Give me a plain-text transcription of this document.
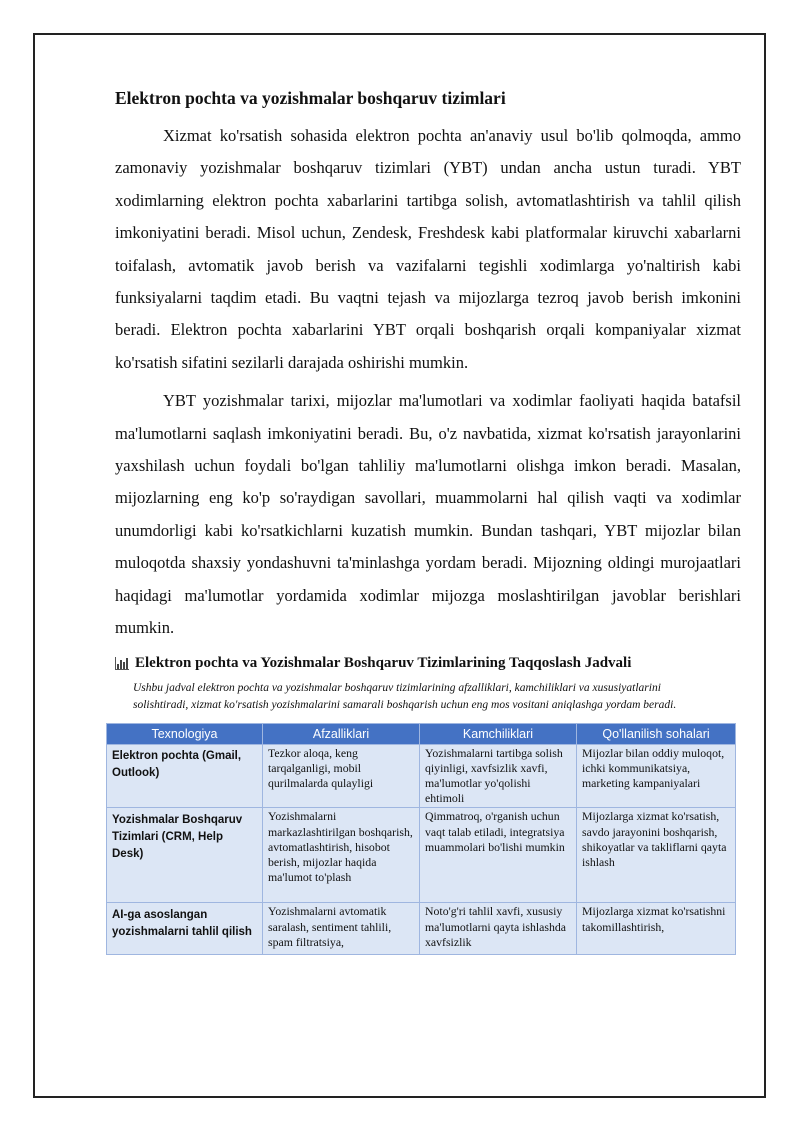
Elektron pochta va yozishmalar boshqaruv tizimlari

Xizmat ko'rsatish sohasida elektron pochta an'anaviy usul bo'lib qolmoqda, ammo zamonaviy yozishmalar boshqaruv tizimlari (YBT) undan ancha ustun turadi. YBT xodimlarning elektron pochta xabarlarini tartibga solish, avtomatlashtirish va tahlil qilish imkoniyatini beradi. Misol uchun, Zendesk, Freshdesk kabi platformalar kiruvchi xabarlarni toifalash, avtomatik javob berish va vazifalarni tegishli xodimlarga yo'naltirish kabi funksiyalarni taqdim etadi. Bu vaqtni tejash va mijozlarga tezroq javob berish imkonini beradi. Elektron pochta xabarlarini YBT orqali boshqarish orqali kompaniyalar xizmat ko'rsatish sifatini sezilarli darajada oshirishi mumkin.

YBT yozishmalar tarixi, mijozlar ma'lumotlari va xodimlar faoliyati haqida batafsil ma'lumotlarni saqlash imkoniyatini beradi. Bu, o'z navbatida, xizmat ko'rsatish jarayonlarini yaxshilash uchun foydali bo'lgan tahliliy ma'lumotlarni olishga imkon beradi. Masalan, mijozlarning eng ko'p so'raydigan savollari, muammolarni hal qilish vaqti va xodimlar unumdorligi kabi ko'rsatkichlarni kuzatish mumkin. Bundan tashqari, YBT mijozlar bilan muloqotda shaxsiy yondashuvni ta'minlashga yordam beradi. Mijozning oldingi murojaatlari haqidagi ma'lumotlar yordamida xodimlar mijozga moslashtirilgan javoblar berishlari mumkin.

Elektron pochta va Yozishmalar Boshqaruv Tizimlarining Taqqoslash Jadvali
Ushbu jadval elektron pochta va yozishmalar boshqaruv tizimlarining afzalliklari, kamchiliklari va xususiyatlarini solishtiradi, xizmat ko'rsatish yozishmalarini samarali boshqarish uchun eng mos vositani aniqlashga yordam beradi.
Texnologiya	Afzalliklari	Kamchiliklari	Qo'llanilish sohalari
Elektron pochta (Gmail, Outlook)	Tezkor aloqa, keng tarqalganligi, mobil qurilmalarda qulayligi	Yozishmalarni tartibga solish qiyinligi, xavfsizlik xavfi, ma'lumotlar yo'qolishi ehtimoli	Mijozlar bilan oddiy muloqot, ichki kommunikatsiya, marketing kampaniyalari
Yozishmalar Boshqaruv Tizimlari (CRM, Help Desk)	Yozishmalarni markazlashtirilgan boshqarish, avtomatlashtirish, hisobot berish, mijozlar haqida ma'lumot to'plash	Qimmatroq, o'rganish uchun vaqt talab etiladi, integratsiya muammolari bo'lishi mumkin	Mijozlarga xizmat ko'rsatish, savdo jarayonini boshqarish, shikoyatlar va takliflarni qayta ishlash
AI-ga asoslangan yozishmalarni tahlil qilish	Yozishmalarni avtomatik saralash, sentiment tahlili, spam filtratsiya,	Noto'g'ri tahlil xavfi, xususiy ma'lumotlarni qayta ishlashda xavfsizlik	Mijozlarga xizmat ko'rsatishni takomillashtirish,
